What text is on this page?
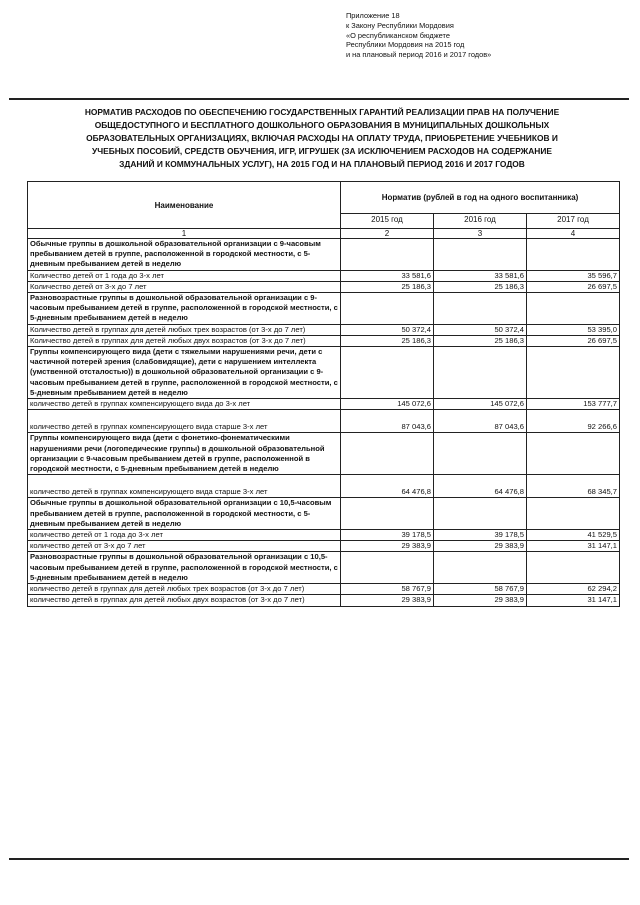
Приложение 18
к Закону Республики Мордовия
«О республиканском бюджете
Республики Мордовия на 2015 год
и на плановый период 2016 и 2017 годов»
НОРМАТИВ РАСХОДОВ ПО ОБЕСПЕЧЕНИЮ ГОСУДАРСТВЕННЫХ ГАРАНТИЙ РЕАЛИЗАЦИИ ПРАВ НА ПОЛУЧЕНИЕ
ОБЩЕДОСТУПНОГО И БЕСПЛАТНОГО ДОШКОЛЬНОГО ОБРАЗОВАНИЯ В МУНИЦИПАЛЬНЫХ ДОШКОЛЬНЫХ
ОБРАЗОВАТЕЛЬНЫХ ОРГАНИЗАЦИЯХ, ВКЛЮЧАЯ РАСХОДЫ НА ОПЛАТУ ТРУДА, ПРИОБРЕТЕНИЕ УЧЕБНИКОВ И
УЧЕБНЫХ ПОСОБИЙ, СРЕДСТВ ОБУЧЕНИЯ, ИГР, ИГРУШЕК (ЗА ИСКЛЮЧЕНИЕМ РАСХОДОВ НА СОДЕРЖАНИЕ
ЗДАНИЙ И КОММУНАЛЬНЫХ УСЛУГ), НА 2015 ГОД И НА ПЛАНОВЫЙ ПЕРИОД 2016 И 2017 ГОДОВ
Наименование	Норматив (рублей в год на одного воспитанника)		
	2015 год	2016 год	2017 год
1	2	3	4
Обычные группы в дошкольной образовательной организации с 9-часовым пребыванием детей в группе, расположенной в городской местности, с 5-дневным пребыванием детей в неделю			
Количество детей от 1 года до 3-х лет	33 581,6	33 581,6	35 596,7
Количество детей от 3-х до 7 лет	25 186,3	25 186,3	26 697,5
Разновозрастные группы в дошкольной образовательной организации с 9-часовым пребыванием детей в группе, расположенной в городской местности, с 5-дневным пребыванием детей в неделю			
Количество детей в группах для детей любых трех возрастов (от 3-х до 7 лет)	50 372,4	50 372,4	53 395,0
Количество детей в группах для детей любых двух возрастов (от 3-х до 7 лет)	25 186,3	25 186,3	26 697,5
Группы компенсирующего вида (дети с тяжелыми нарушениями речи, дети с частичной потерей зрения (слабовидящие), дети с нарушением интеллекта (умственной отсталостью)) в дошкольной образовательной организации с 9-часовым пребыванием детей в группе, расположенной в городской местности, с 5-дневным пребыванием детей в неделю			
количество детей в группах компенсирующего вида до 3-х лет	145 072,6	145 072,6	153 777,7
количество детей в группах компенсирующего вида старше 3-х лет	87 043,6	87 043,6	92 266,6
Группы компенсирующего вида (дети с фонетико-фонематическими нарушениями речи (логопедические группы) в дошкольной образовательной организации с 9-часовым пребыванием детей в группе, расположенной в городской местности, с 5-дневным пребыванием детей в неделю			
количество детей в группах компенсирующего вида старше 3-х лет	64 476,8	64 476,8	68 345,7
Обычные группы в дошкольной образовательной организации с 10,5-часовым пребыванием детей в группе, расположенной в городской местности, с 5-дневным пребыванием детей в неделю			
количество детей от 1 года до 3-х лет	39 178,5	39 178,5	41 529,5
количество детей от 3-х до 7 лет	29 383,9	29 383,9	31 147,1
Разновозрастные группы в дошкольной образовательной организации с 10,5-часовым пребыванием детей в группе, расположенной в городской местности, с 5-дневным пребыванием детей в неделю			
количество детей в группах для детей любых трех возрастов (от 3-х до 7 лет)	58 767,9	58 767,9	62 294,2
количество детей в группах для детей любых двух возрастов (от 3-х до 7 лет)	29 383,9	29 383,9	31 147,1
